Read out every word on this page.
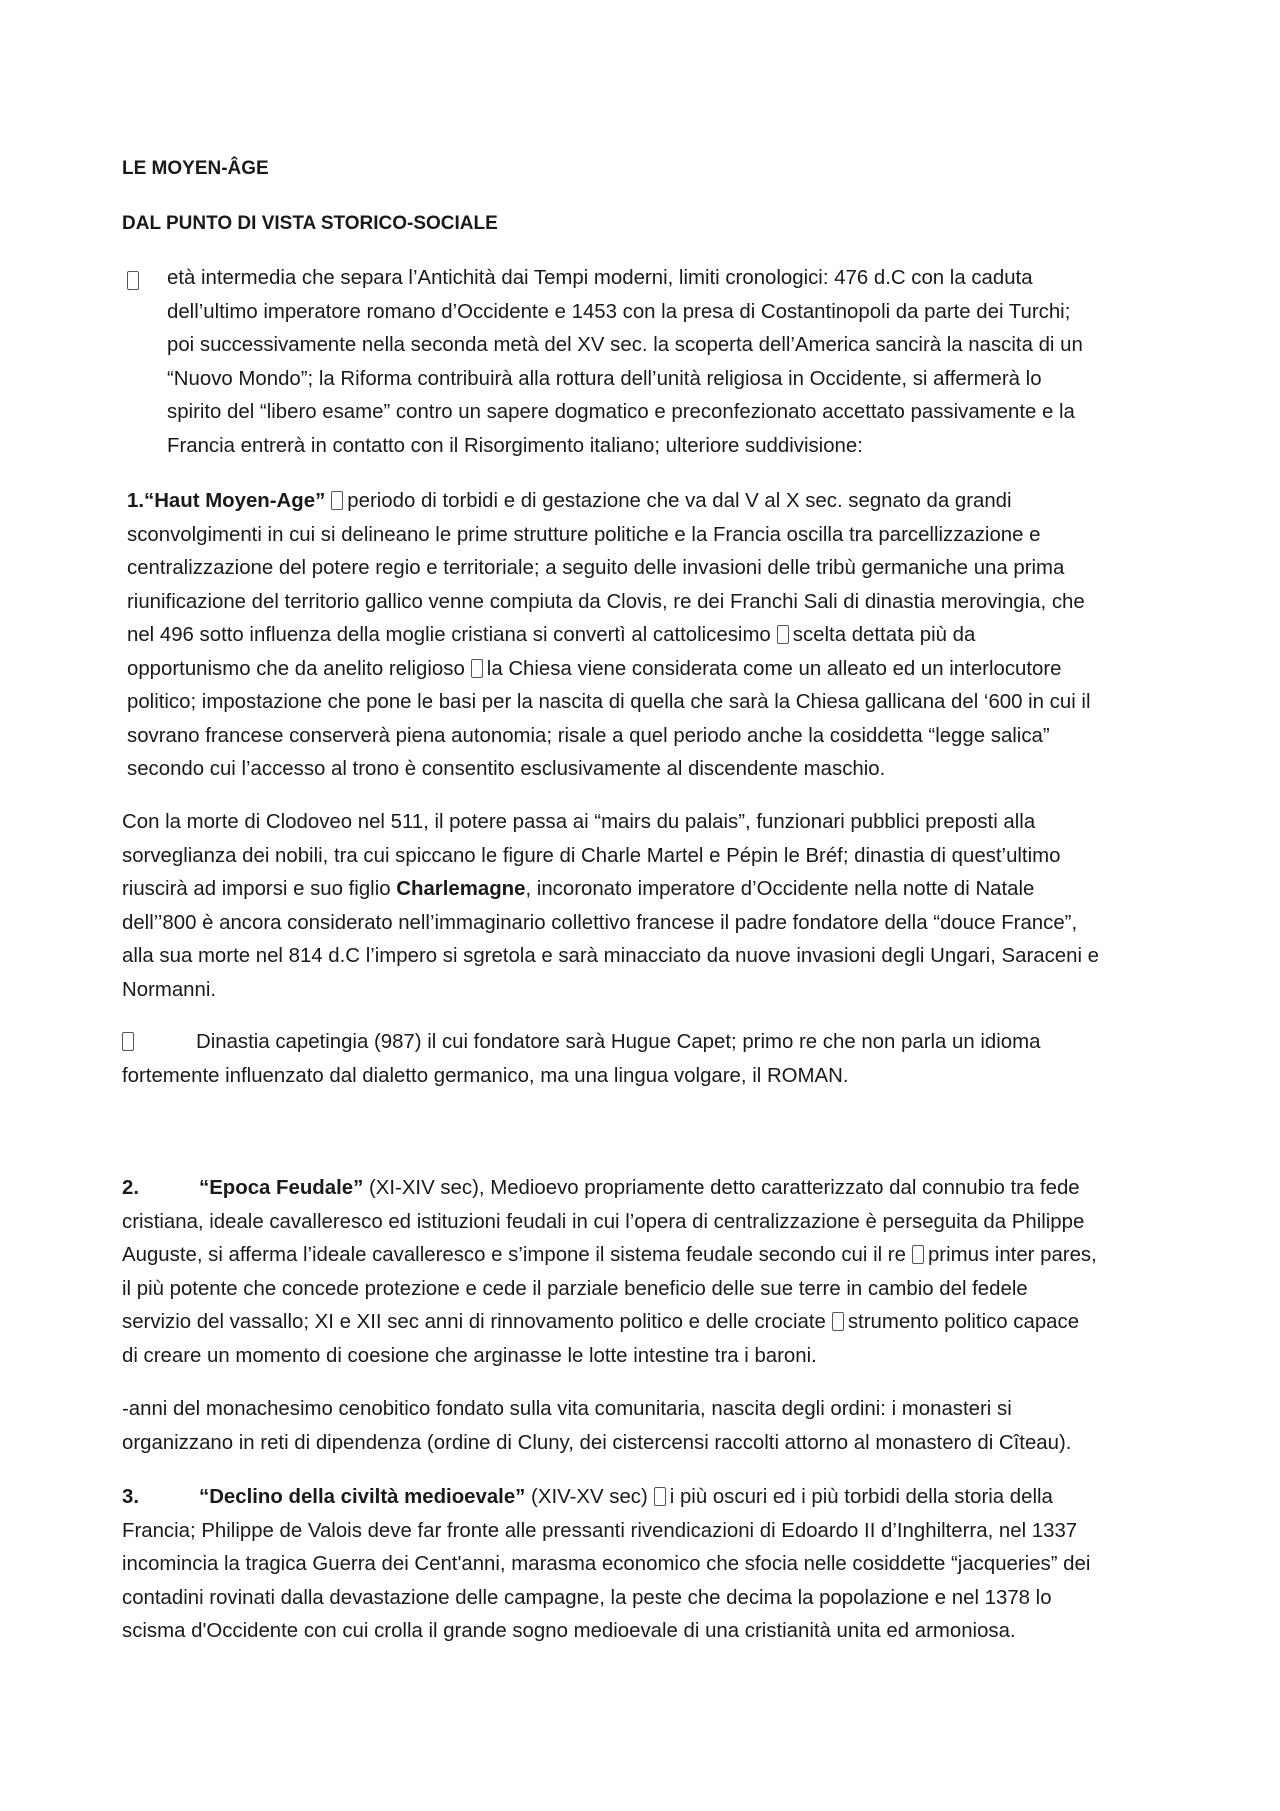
LE MOYEN-ÂGE
DAL PUNTO DI VISTA STORICO-SOCIALE
età intermedia che separa l’Antichità dai Tempi moderni, limiti cronologici: 476 d.C con la caduta
dell’ultimo imperatore romano d’Occidente e 1453 con la presa di Costantinopoli da parte dei Turchi;
poi successivamente nella seconda metà del XV sec. la scoperta dell’America sancirà la nascita di un
“Nuovo Mondo”; la Riforma contribuirà alla rottura dell’unità religiosa in Occidente, si affermerà lo
spirito del “libero esame” contro un sapere dogmatico e preconfezionato accettato passivamente e la
Francia entrerà in contatto con il Risorgimento italiano; ulteriore suddivisione:
1.“Haut Moyen-Age” periodo di torbidi e di gestazione che va dal V al X sec. segnato da grandi
sconvolgimenti in cui si delineano le prime strutture politiche e la Francia oscilla tra parcellizzazione e
centralizzazione del potere regio e territoriale; a seguito delle invasioni delle tribù germaniche una prima
riunificazione del territorio gallico venne compiuta da Clovis, re dei Franchi Sali di dinastia merovingia, che
nel 496 sotto influenza della moglie cristiana si convertì al cattolicesimo scelta dettata più da
opportunismo che da anelito religioso la Chiesa viene considerata come un alleato ed un interlocutore
politico; impostazione che pone le basi per la nascita di quella che sarà la Chiesa gallicana del ‘600 in cui il
sovrano francese conserverà piena autonomia; risale a quel periodo anche la cosiddetta “legge salica”
secondo cui l’accesso al trono è consentito esclusivamente al discendente maschio.
Con la morte di Clodoveo nel 511, il potere passa ai “mairs du palais”, funzionari pubblici preposti alla
sorveglianza dei nobili, tra cui spiccano le figure di Charle Martel e Pépin le Bréf; dinastia di quest’ultimo
riuscirà ad imporsi e suo figlio Charlemagne, incoronato imperatore d’Occidente nella notte di Natale
dell’’800 è ancora considerato nell’immaginario collettivo francese il padre fondatore della “douce France”,
alla sua morte nel 814 d.C l’impero si sgretola e sarà minacciato da nuove invasioni degli Ungari, Saraceni e
Normanni.
Dinastia capetingia (987) il cui fondatore sarà Hugue Capet; primo re che non parla un idioma
fortemente influenzato dal dialetto germanico, ma una lingua volgare, il ROMAN.
2.	“Epoca Feudale” (XI-XIV sec), Medioevo propriamente detto caratterizzato dal connubio tra fede
cristiana, ideale cavalleresco ed istituzioni feudali in cui l’opera di centralizzazione è perseguita da Philippe
Auguste, si afferma l’ideale cavalleresco e s’impone il sistema feudale secondo cui il re primus inter pares,
il più potente che concede protezione e cede il parziale beneficio delle sue terre in cambio del fedele
servizio del vassallo; XI e XII sec anni di rinnovamento politico e delle crociate strumento politico capace
di creare un momento di coesione che arginasse le lotte intestine tra i baroni.
-anni del monachesimo cenobitico fondato sulla vita comunitaria, nascita degli ordini: i monasteri si
organizzano in reti di dipendenza (ordine di Cluny, dei cistercensi raccolti attorno al monastero di Cîteau).
3.	“Declino della civiltà medioevale” (XIV-XV sec) i più oscuri ed i più torbidi della storia della
Francia; Philippe de Valois deve far fronte alle pressanti rivendicazioni di Edoardo II d’Inghilterra, nel 1337
incomincia la tragica Guerra dei Cent'anni, marasma economico che sfocia nelle cosiddette “jacqueries” dei
contadini rovinati dalla devastazione delle campagne, la peste che decima la popolazione e nel 1378 lo
scisma d'Occidente con cui crolla il grande sogno medioevale di una cristianità unita ed armoniosa.
